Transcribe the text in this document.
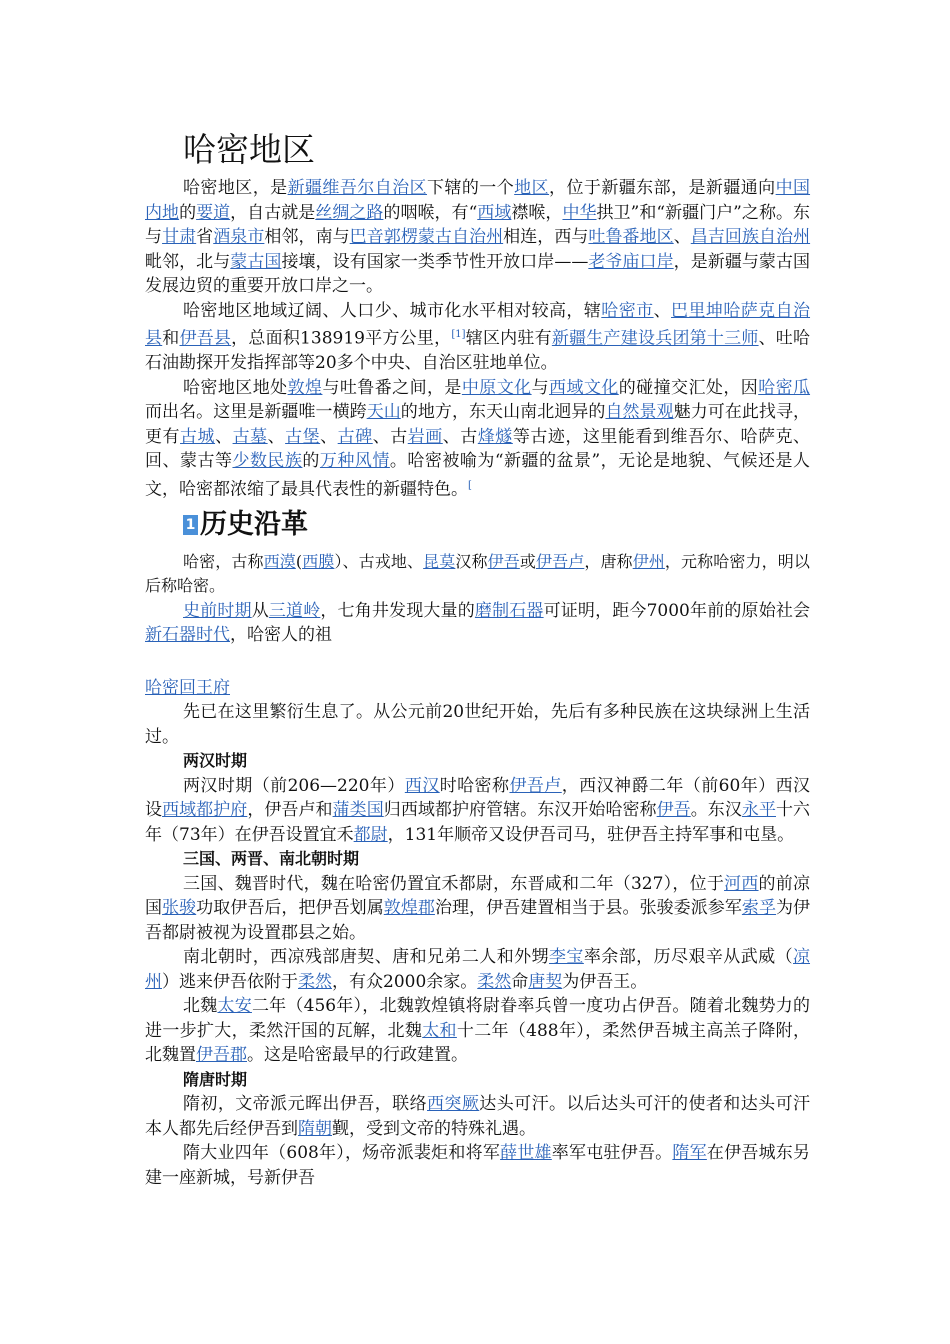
哈密地区

哈密地区，是新疆维吾尔自治区下辖的一个地区，位于新疆东部，是新疆通向中国内地的要道，自古就是丝绸之路的咽喉，有“西域襟喉，中华拱卫”和“新疆门户”之称。东与甘肃省酒泉市相邻，南与巴音郭楞蒙古自治州相连，西与吐鲁番地区、昌吉回族自治州毗邻，北与蒙古国接壤，设有国家一类季节性开放口岸——老爷庙口岸，是新疆与蒙古国发展边贸的重要开放口岸之一。

哈密地区地域辽阔、人口少、城市化水平相对较高，辖哈密市、巴里坤哈萨克自治县和伊吾县，总面积138919平方公里，[1]辖区内驻有新疆生产建设兵团第十三师、吐哈石油勘探开发指挥部等20多个中央、自治区驻地单位。

哈密地区地处敦煌与吐鲁番之间，是中原文化与西域文化的碰撞交汇处，因哈密瓜而出名。这里是新疆唯一横跨天山的地方，东天山南北迥异的自然景观魅力可在此找寻，更有古城、古墓、古堡、古碑、古岩画、古烽燧等古迹，这里能看到维吾尔、哈萨克、回、蒙古等少数民族的万种风情。哈密被喻为“新疆的盆景”，无论是地貌、气候还是人文，哈密都浓缩了最具代表性的新疆特色。[

1 历史沿革

哈密，古称西漠(西膜）、古戎地、昆莫汉称伊吾或伊吾卢，唐称伊州，元称哈密力，明以后称哈密。

史前时期从三道岭，七角井发现大量的磨制石器可证明，距今7000年前的原始社会新石器时代，哈密人的祖

哈密回王府

先已在这里繁衍生息了。从公元前20世纪开始，先后有多种民族在这块绿洲上生活过。

两汉时期

两汉时期（前206—220年）西汉时哈密称伊吾卢，西汉神爵二年（前60年）西汉设西域都护府，伊吾卢和蒲类国归西域都护府管辖。东汉开始哈密称伊吾。东汉永平十六年（73年）在伊吾设置宜禾都尉，131年顺帝又设伊吾司马，驻伊吾主持军事和屯垦。

三国、两晋、南北朝时期

三国、魏晋时代，魏在哈密仍置宜禾都尉，东晋咸和二年（327），位于河西的前凉国张骏功取伊吾后，把伊吾划属敦煌郡治理，伊吾建置相当于县。张骏委派参军索孚为伊吾都尉被视为设置郡县之始。

南北朝时，西凉残部唐契、唐和兄弟二人和外甥李宝率余部，历尽艰辛从武威（凉州）逃来伊吾依附于柔然，有众2000余家。柔然命唐契为伊吾王。

北魏太安二年（456年），北魏敦煌镇将尉眷率兵曾一度功占伊吾。随着北魏势力的进一步扩大，柔然汗国的瓦解，北魏太和十二年（488年），柔然伊吾城主高羔子降附，北魏置伊吾郡。这是哈密最早的行政建置。

隋唐时期

隋初，文帝派元晖出伊吾，联络西突厥达头可汗。以后达头可汗的使者和达头可汗本人都先后经伊吾到隋朝觐，受到文帝的特殊礼遇。

隋大业四年（608年），炀帝派裴炬和将军薛世雄率军屯驻伊吾。隋军在伊吾城东另建一座新城，号新伊吾
